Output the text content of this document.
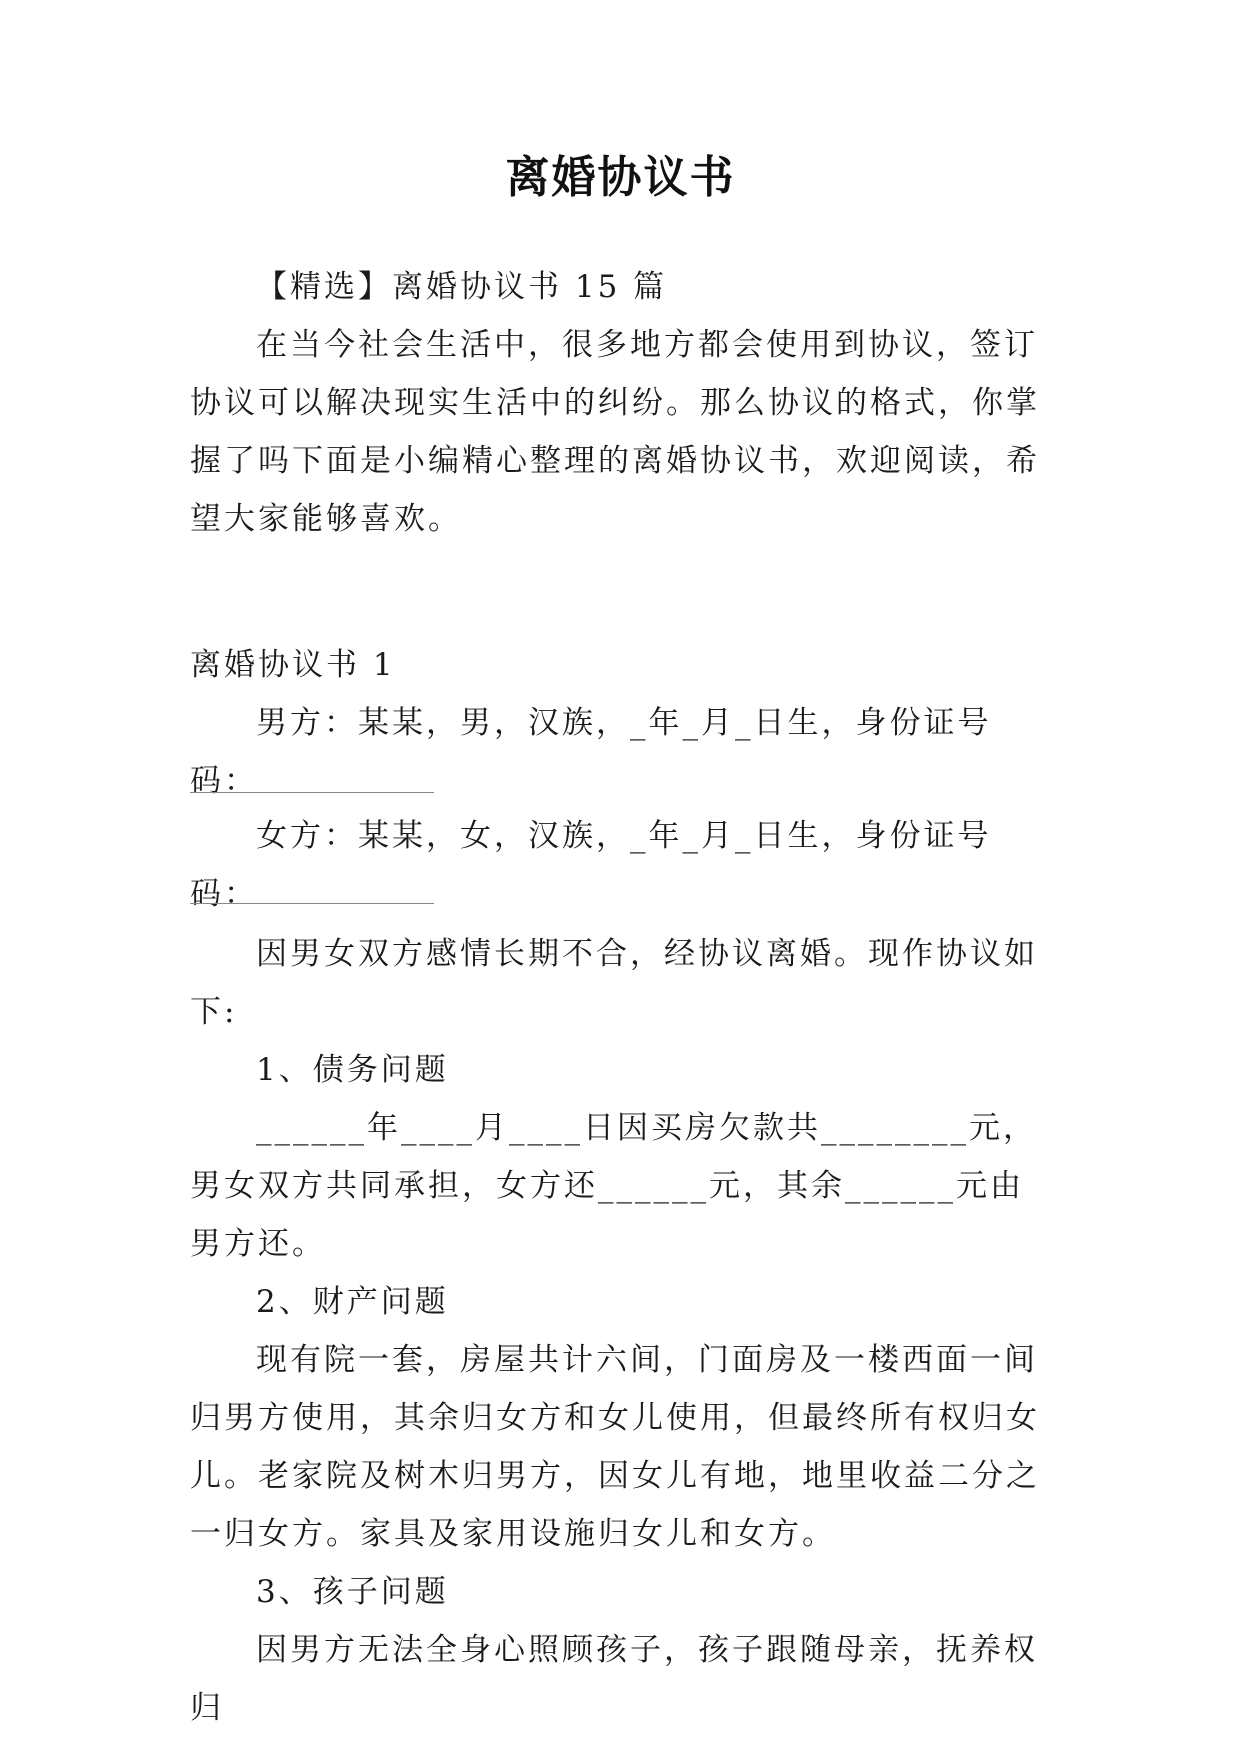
离婚协议书

【精选】离婚协议书 15 篇

在当今社会生活中，很多地方都会使用到协议，签订协议可以解决现实生活中的纠纷。那么协议的格式，你掌握了吗下面是小编精心整理的离婚协议书，欢迎阅读，希望大家能够喜欢。

离婚协议书 1

男方：某某，男，汉族，_年_月_日生，身份证号码：

女方：某某，女，汉族，_年_月_日生，身份证号码：

因男女双方感情长期不合，经协议离婚。现作协议如下:

1、债务问题

______年____月____日因买房欠款共________元，男女双方共同承担，女方还______元，其余______元由男方还。

2、财产问题

现有院一套，房屋共计六间，门面房及一楼西面一间归男方使用，其余归女方和女儿使用，但最终所有权归女儿。老家院及树木归男方，因女儿有地，地里收益二分之一归女方。家具及家用设施归女儿和女方。

3、孩子问题

因男方无法全身心照顾孩子，孩子跟随母亲，抚养权归
